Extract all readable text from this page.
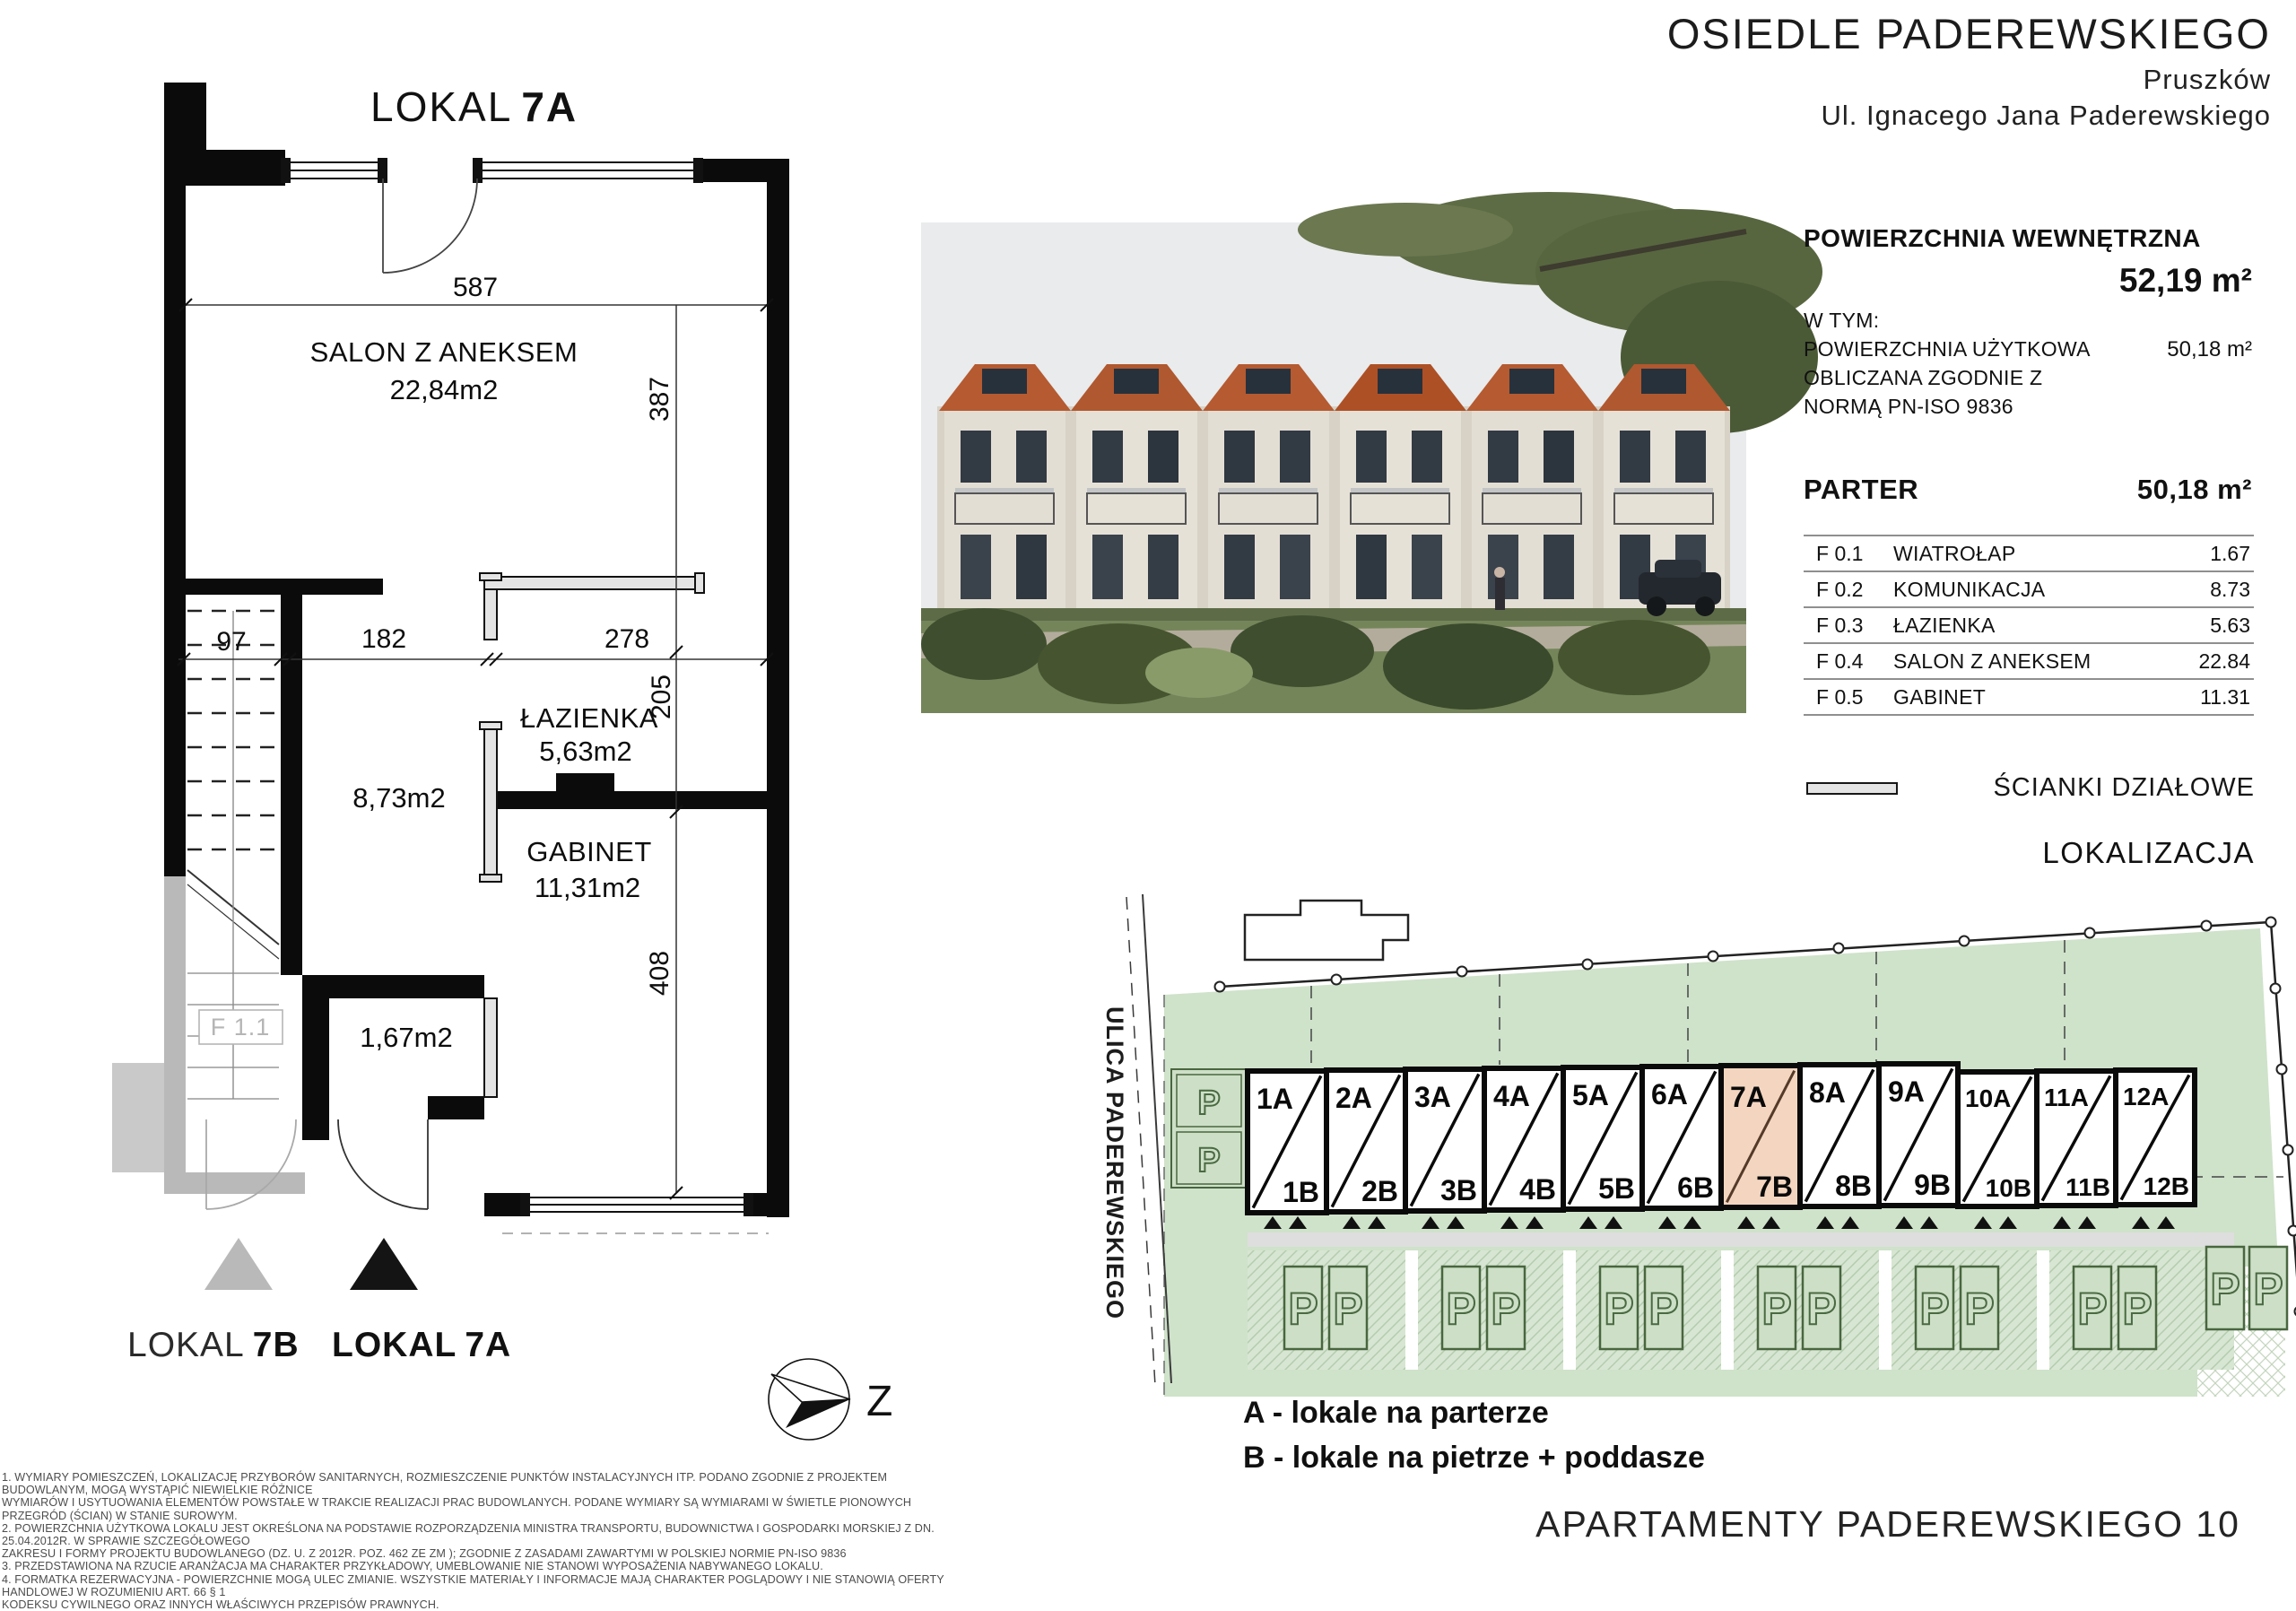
OSIEDLE PADEREWSKIEGO
Pruszków
Ul. Ignacego Jana Paderewskiego
LOKAL 7A
587
97	182	278
387
205
408
SALON Z ANEKSEM
22,84m2
ŁAZIENKA
5,63m2
8,73m2
GABINET
11,31m2
1,67m2
F 1.1
POWIERZCHNIA WEWNĘTRZNA
52,19 m²
W TYM:
POWIERZCHNIA UŻYTKOWA	50,18 m²
OBLICZANA ZGODNIE Z
NORMĄ PN-ISO 9836
PARTER	50,18 m²
F 0.1	WIATROŁAP	1.67
F 0.2	KOMUNIKACJA	8.73
F 0.3	ŁAZIENKA	5.63
F 0.4	SALON Z ANEKSEM	22.84
F 0.5	GABINET	11.31
ŚCIANKI DZIAŁOWE
LOKALIZACJA
ULICA PADEREWSKIEGO P
P
P P P P P P P P P P P P P P
1A
1B
2A
2B
3A
3B
4A
4B
5A
5B
6A
6B
7A
7B
8A
8B
9A
9B
10A
10B
11A
11B
12A
12B
A - lokale na parterze
B - lokale na pietrze + poddasze
LOKAL 7B LOKAL 7A
Z
1. WYMIARY POMIESZCZEŃ, LOKALIZACJĘ PRZYBORÓW SANITARNYCH, ROZMIESZCZENIE PUNKTÓW INSTALACYJNYCH ITP. PODANO ZGODNIE Z PROJEKTEM BUDOWLANYM, MOGĄ WYSTĄPIĆ NIEWIELKIE RÓŻNICE
WYMIARÓW I USYTUOWANIA ELEMENTÓW POWSTAŁE W TRAKCIE REALIZACJI PRAC BUDOWLANYCH. PODANE WYMIARY SĄ WYMIARAMI W ŚWIETLE PIONOWYCH PRZEGRÓD (ŚCIAN) W STANIE SUROWYM.
2. POWIERZCHNIA UŻYTKOWA LOKALU JEST OKREŚLONA NA PODSTAWIE ROZPORZĄDZENIA MINISTRA TRANSPORTU, BUDOWNICTWA I GOSPODARKI MORSKIEJ Z DN. 25.04.2012R. W SPRAWIE SZCZEGÓŁOWEGO
ZAKRESU I FORMY PROJEKTU BUDOWLANEGO (DZ. U. Z 2012R. POZ. 462 ZE ZM ); ZGODNIE Z ZASADAMI ZAWARTYMI W POLSKIEJ NORMIE PN-ISO 9836
3. PRZEDSTAWIONA NA RZUCIE ARANŻACJA MA CHARAKTER PRZYKŁADOWY, UMEBLOWANIE NIE STANOWI WYPOSAŻENIA NABYWANEGO LOKALU.
4. FORMATKA REZERWACYJNA - POWIERZCHNIE MOGĄ ULEC ZMIANIE. WSZYSTKIE MATERIAŁY I INFORMACJE MAJĄ CHARAKTER POGLĄDOWY I NIE STANOWIĄ OFERTY HANDLOWEJ W ROZUMIENIU ART. 66 § 1
KODEKSU CYWILNEGO ORAZ INNYCH WŁAŚCIWYCH PRZEPISÓW PRAWNYCH.
APARTAMENTY PADEREWSKIEGO 10
